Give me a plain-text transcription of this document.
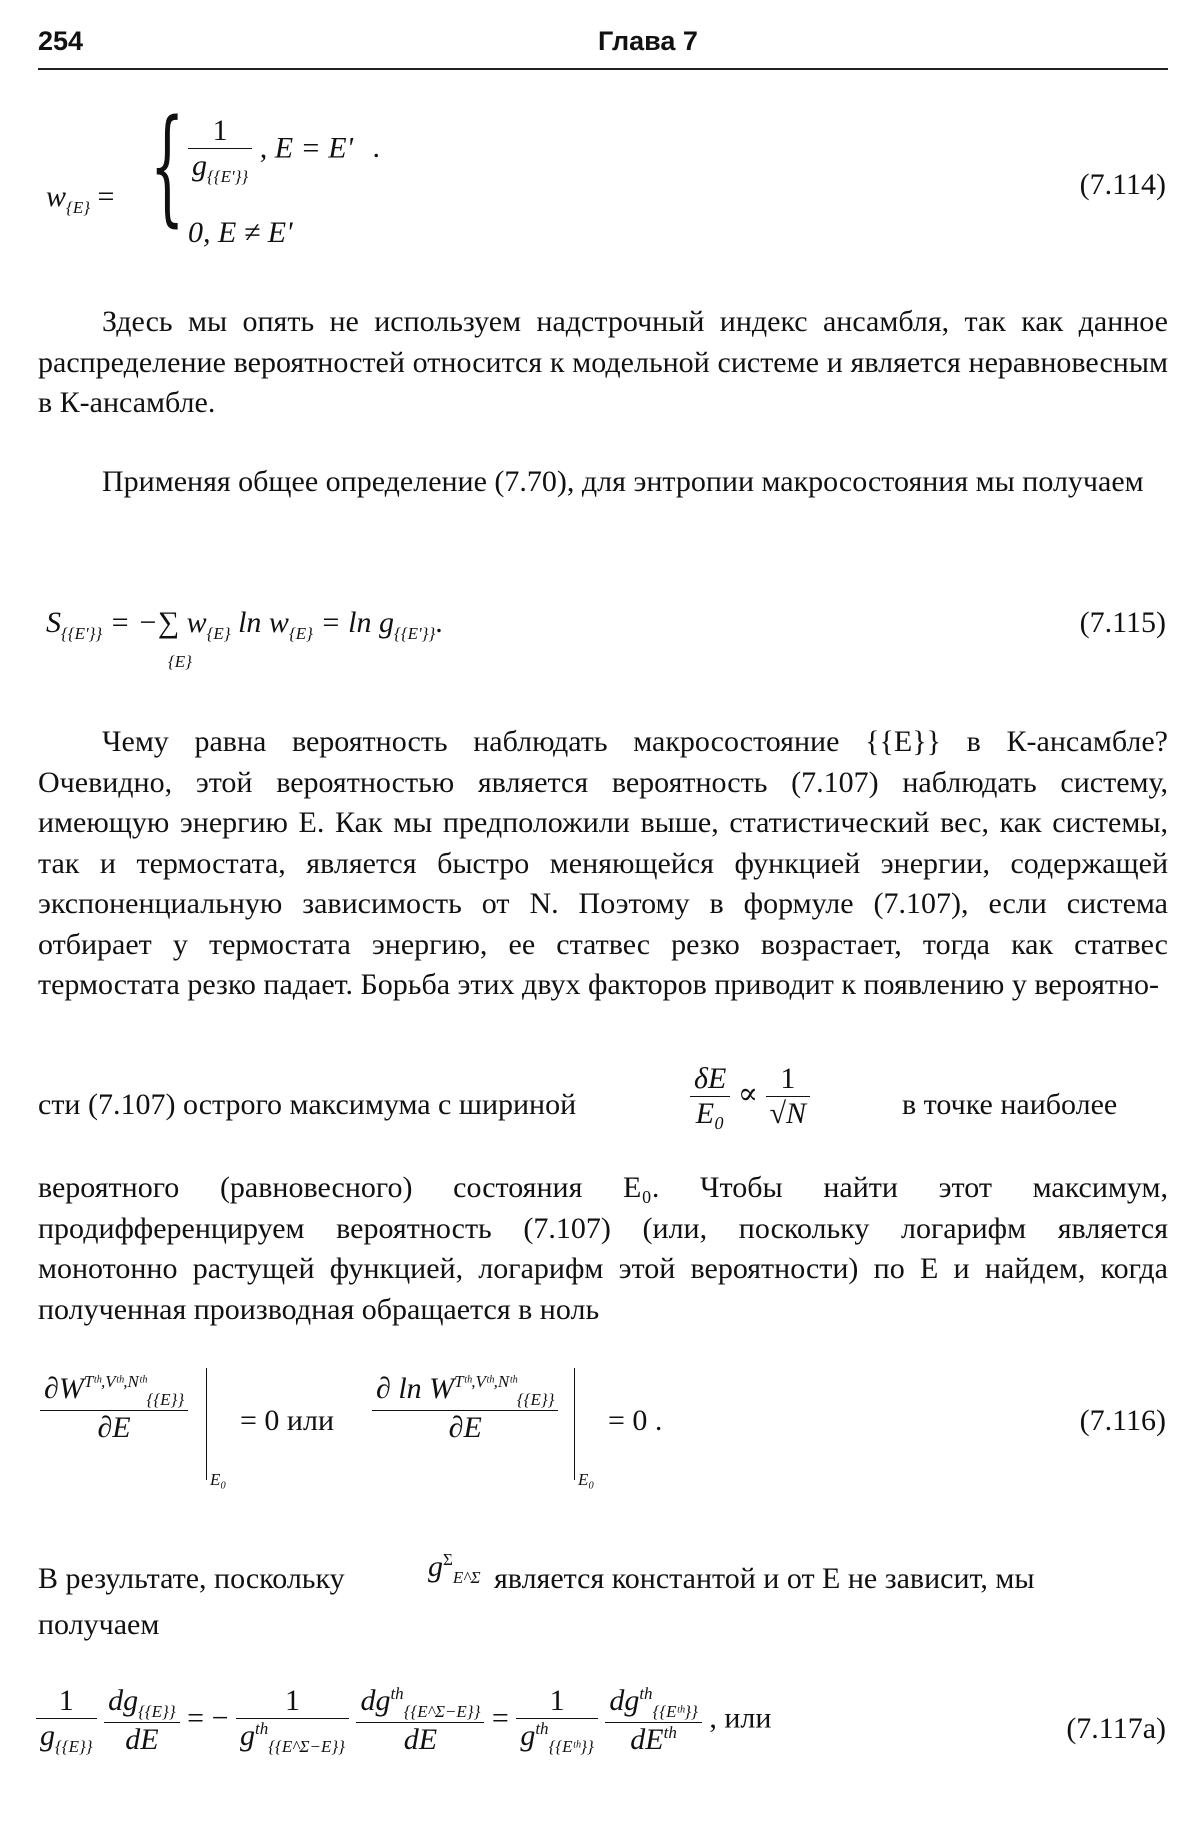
254	Глава 7
$w_{\{E\}}$ = { $\frac{1}{g_{\{\{E'\}\}}}$ , E = E' .
0, E ≠ E'
(7.114)
Здесь мы опять не используем надстрочный индекс ансамбля, так как данное распределение вероятностей относится к модельной системе и является неравновесным в К-ансамбле.
Применяя общее определение (7.70), для энтропии макросостояния мы получаем
$S_{\{\{E'\}\}}$ = −∑ $w_{\{E\}}$ $\ln w_{\{E\}} = \ln g_{\{\{E'\}\}}$.
{E}
(7.115)
Чему равна вероятность наблюдать макросостояние {{E}} в К-ансамбле? Очевидно, этой вероятностью является вероятность (7.107) наблюдать систему, имеющую энергию E. Как мы предположили выше, статистический вес, как системы, так и термостата, является быстро меняющейся функцией энергии, содержащей экспоненциальную зависимость от N. Поэтому в формуле (7.107), если система отбирает у термостата энергию, ее статвес резко возрастает, тогда как статвес термостата резко падает. Борьба этих двух факторов приводит к появлению у вероятно-
сти (7.107) острого максимума с шириной	$\frac{\delta E}{\text{E₀}} \propto \frac{1}{√N}$	в точке наиболее
вероятного (равновесного) состояния E₀. Чтобы найти этот максимум, продифференцируем вероятность (7.107) (или, поскольку логарифм является монотонно растущей функцией, логарифм этой вероятности) по E и найдем, когда полученная производная обращается в ноль
$\frac{\partial W^{Tᵗʰ,Vᵗʰ,Nᵗʰ}_{\{\{E\}\}}}{\partial E}$
E₀
= 0 или $\frac{\partial \ln W^{Tᵗʰ,Vᵗʰ,Nᵗʰ}_{\{\{E\}\}}}{\partial E}$
E₀
= 0 .	(7.116)
В результате, поскольку	$g^\Sigma_{E\^{}\Sigma}$ является константой и от E не зависит, мы
получаем
$\frac{1}{g_{\{\{E\}\}}}$
$\frac{dg_{\{\{E\}\}}}{dE}$ = − $\frac{1}{g^{th}_{\{\{E\^{}\Sigma-E\}\}}}$
$\frac{dg^{th}_{\{\{E\^{}\Sigma-E\}\}}}{dE} = \frac{1}{g^{th}_{\{\{Eᵗʰ\}\}}}$
$\frac{dg^{th}_{\{\{Eᵗʰ\}\}}}{dE^{th}}$ , или	(7.117a)
